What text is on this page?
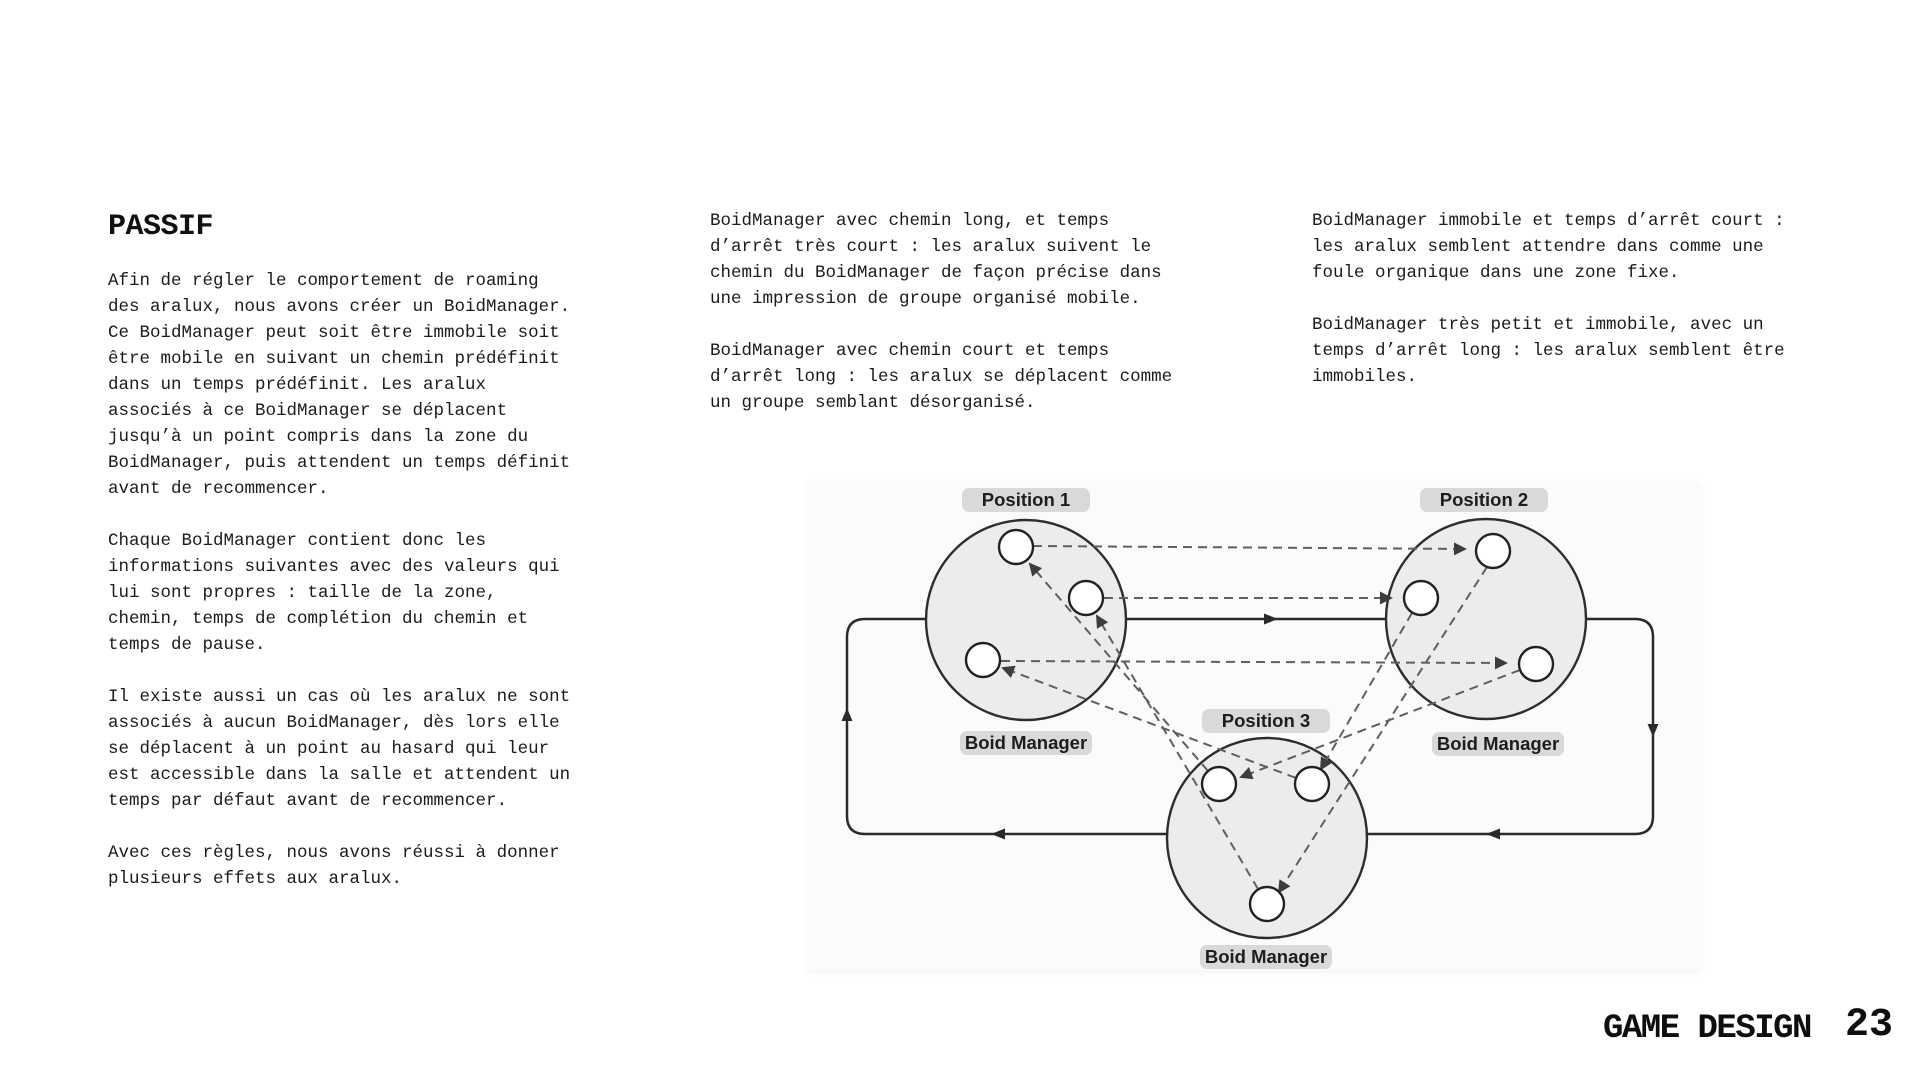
PASSIF
Afin de régler le comportement de roaming
des aralux, nous avons créer un BoidManager.
Ce BoidManager peut soit être immobile soit
être mobile en suivant un chemin prédéfinit
dans un temps prédéfinit. Les aralux
associés à ce BoidManager se déplacent
jusqu’à un point compris dans la zone du
BoidManager, puis attendent un temps définit
avant de recommencer.
Chaque BoidManager contient donc les
informations suivantes avec des valeurs qui
lui sont propres : taille de la zone,
chemin, temps de complétion du chemin et
temps de pause.
Il existe aussi un cas où les aralux ne sont
associés à aucun BoidManager, dès lors elle
se déplacent à un point au hasard qui leur
est accessible dans la salle et attendent un
temps par défaut avant de recommencer.
Avec ces règles, nous avons réussi à donner
plusieurs effets aux aralux.
BoidManager avec chemin long, et temps
d’arrêt très court : les aralux suivent le
chemin du BoidManager de façon précise dans
une impression de groupe organisé mobile.
BoidManager avec chemin court et temps
d’arrêt long : les aralux se déplacent comme
un groupe semblant désorganisé.
BoidManager immobile et temps d’arrêt court :
les aralux semblent attendre dans comme une
foule organique dans une zone fixe.
BoidManager très petit et immobile, avec un
temps d’arrêt long : les aralux semblent être
immobiles.
Position 1	Position 2
Position 3
Boid Manager	Boid Manager
Boid Manager
GAME DESIGN 23
